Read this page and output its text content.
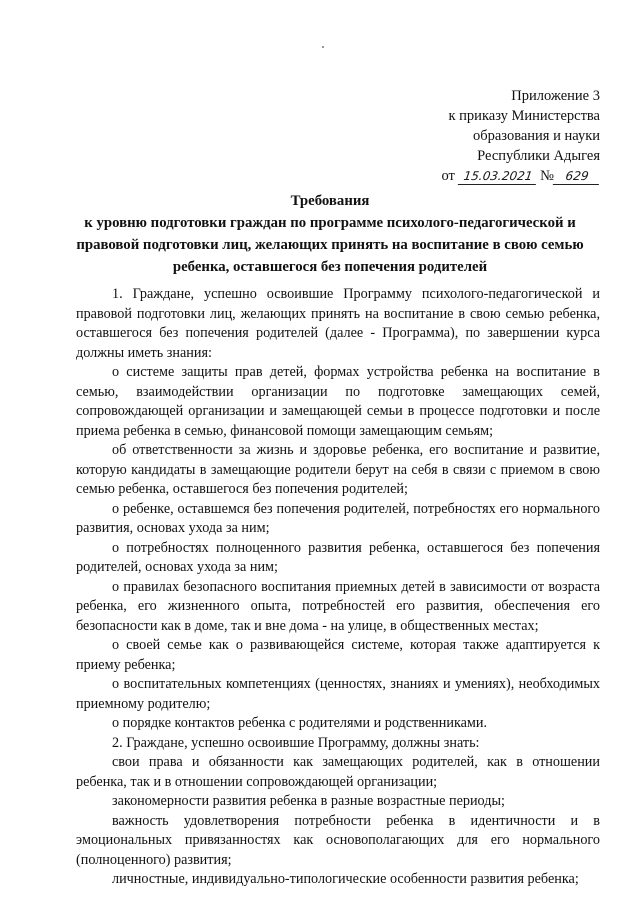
Приложение 3
к приказу Министерства
образования и науки
Республики Адыгея
от 15.03.2021 № 629
Требования
к уровню подготовки граждан по программе психолого-педагогической и
правовой подготовки лиц, желающих принять на воспитание в свою семью
ребенка, оставшегося без попечения родителей

1. Граждане, успешно освоившие Программу психолого-педагогической и правовой подготовки лиц, желающих принять на воспитание в свою семью ребенка, оставшегося без попечения родителей (далее - Программа), по завершении курса должны иметь знания:

о системе защиты прав детей, формах устройства ребенка на воспитание в семью, взаимодействии организации по подготовке замещающих семей, сопровождающей организации и замещающей семьи в процессе подготовки и после приема ребенка в семью, финансовой помощи замещающим семьям;

об ответственности за жизнь и здоровье ребенка, его воспитание и развитие, которую кандидаты в замещающие родители берут на себя в связи с приемом в свою семью ребенка, оставшегося без попечения родителей;

о ребенке, оставшемся без попечения родителей, потребностях его нормального развития, основах ухода за ним;

о потребностях полноценного развития ребенка, оставшегося без попечения родителей, основах ухода за ним;

о правилах безопасного воспитания приемных детей в зависимости от возраста ребенка, его жизненного опыта, потребностей его развития, обеспечения его безопасности как в доме, так и вне дома - на улице, в общественных местах;

о своей семье как о развивающейся системе, которая также адаптируется к приему ребенка;

о воспитательных компетенциях (ценностях, знаниях и умениях), необходимых приемному родителю;

о порядке контактов ребенка с родителями и родственниками.

2. Граждане, успешно освоившие Программу, должны знать:

свои права и обязанности как замещающих родителей, как в отношении ребенка, так и в отношении сопровождающей организации;

закономерности развития ребенка в разные возрастные периоды;

важность удовлетворения потребности ребенка в идентичности и в эмоциональных привязанностях как основополагающих для его нормального (полноценного) развития;

личностные, индивидуально-типологические особенности развития ребенка;
